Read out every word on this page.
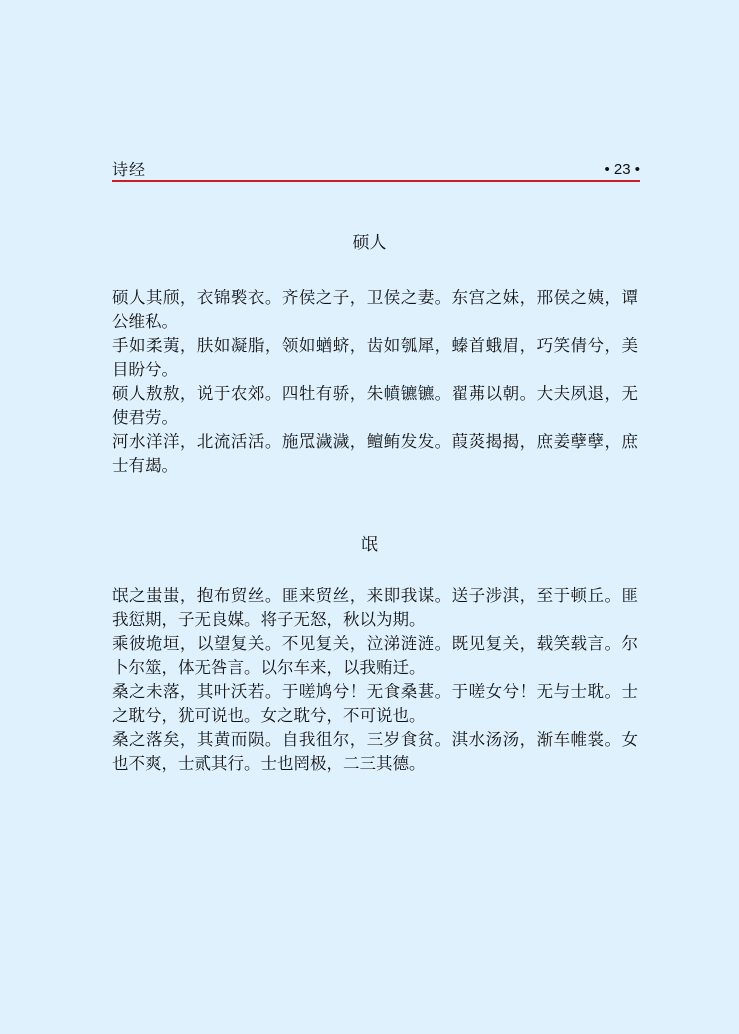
诗经	• 23 •
硕人

硕人其颀，衣锦褧衣。齐侯之子，卫侯之妻。东宫之妹，邢侯之姨，谭公维私。

手如柔荑，肤如凝脂，领如蝤蛴，齿如瓠犀，螓首蛾眉，巧笑倩兮，美目盼兮。

硕人敖敖，说于农郊。四牡有骄，朱幩镳镳。翟茀以朝。大夫夙退，无使君劳。

河水洋洋，北流活活。施罛濊濊，鳣鲔发发。葭菼揭揭，庶姜孽孽，庶士有朅。

氓

氓之蚩蚩，抱布贸丝。匪来贸丝，来即我谋。送子涉淇，至于顿丘。匪我愆期，子无良媒。将子无怒，秋以为期。

乘彼垝垣，以望复关。不见复关，泣涕涟涟。既见复关，载笑载言。尔卜尔筮，体无咎言。以尔车来，以我贿迁。

桑之未落，其叶沃若。于嗟鸠兮！无食桑葚。于嗟女兮！无与士耽。士之耽兮，犹可说也。女之耽兮，不可说也。

桑之落矣，其黄而陨。自我徂尔，三岁食贫。淇水汤汤，渐车帷裳。女也不爽，士贰其行。士也罔极，二三其德。
